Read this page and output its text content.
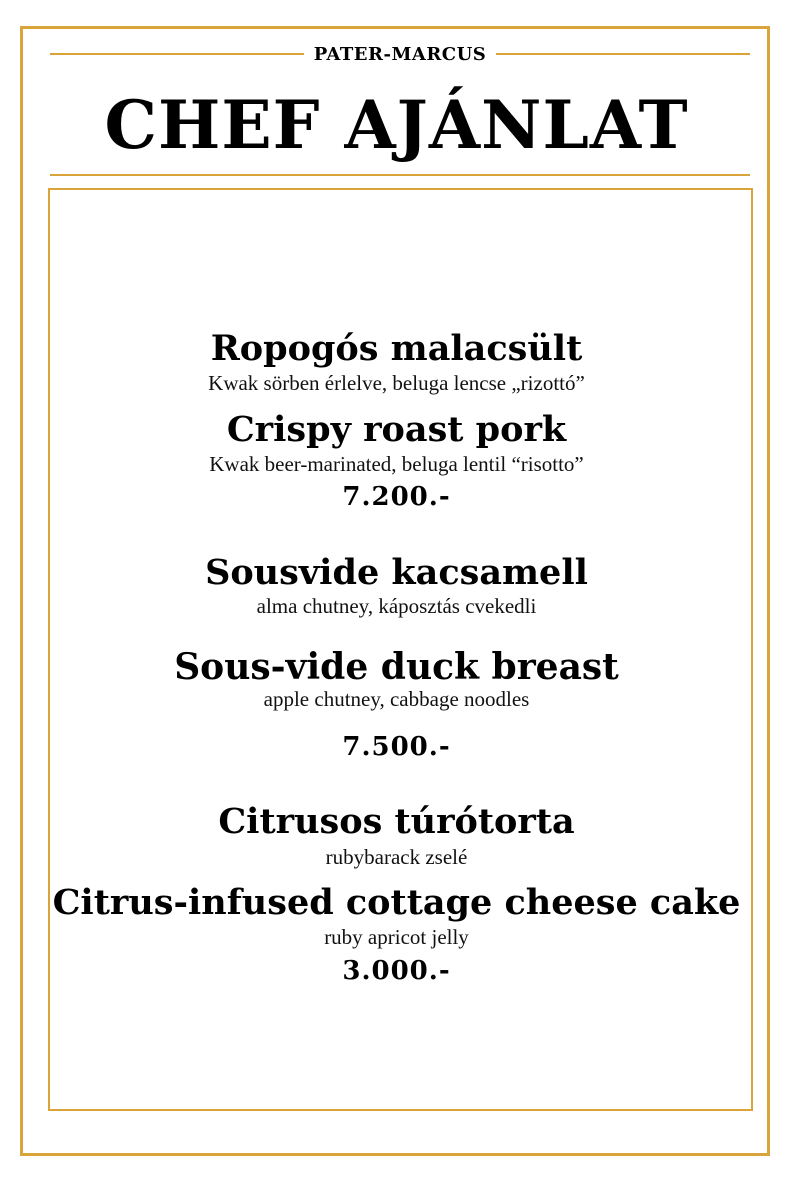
PATER-MARCUS
CHEF AJÁNLAT
Ropogós malacsült
Kwak sörben érlelve, beluga lencse „rizottó”
Crispy roast pork
Kwak beer-marinated, beluga lentil “risotto”
7.200.-
Sousvide kacsamell
alma chutney, káposztás cvekedli
Sous-vide duck breast
apple chutney, cabbage noodles
7.500.-
Citrusos túrótorta
rubybarack zselé
Citrus-infused cottage cheese cake
ruby apricot jelly
3.000.-
